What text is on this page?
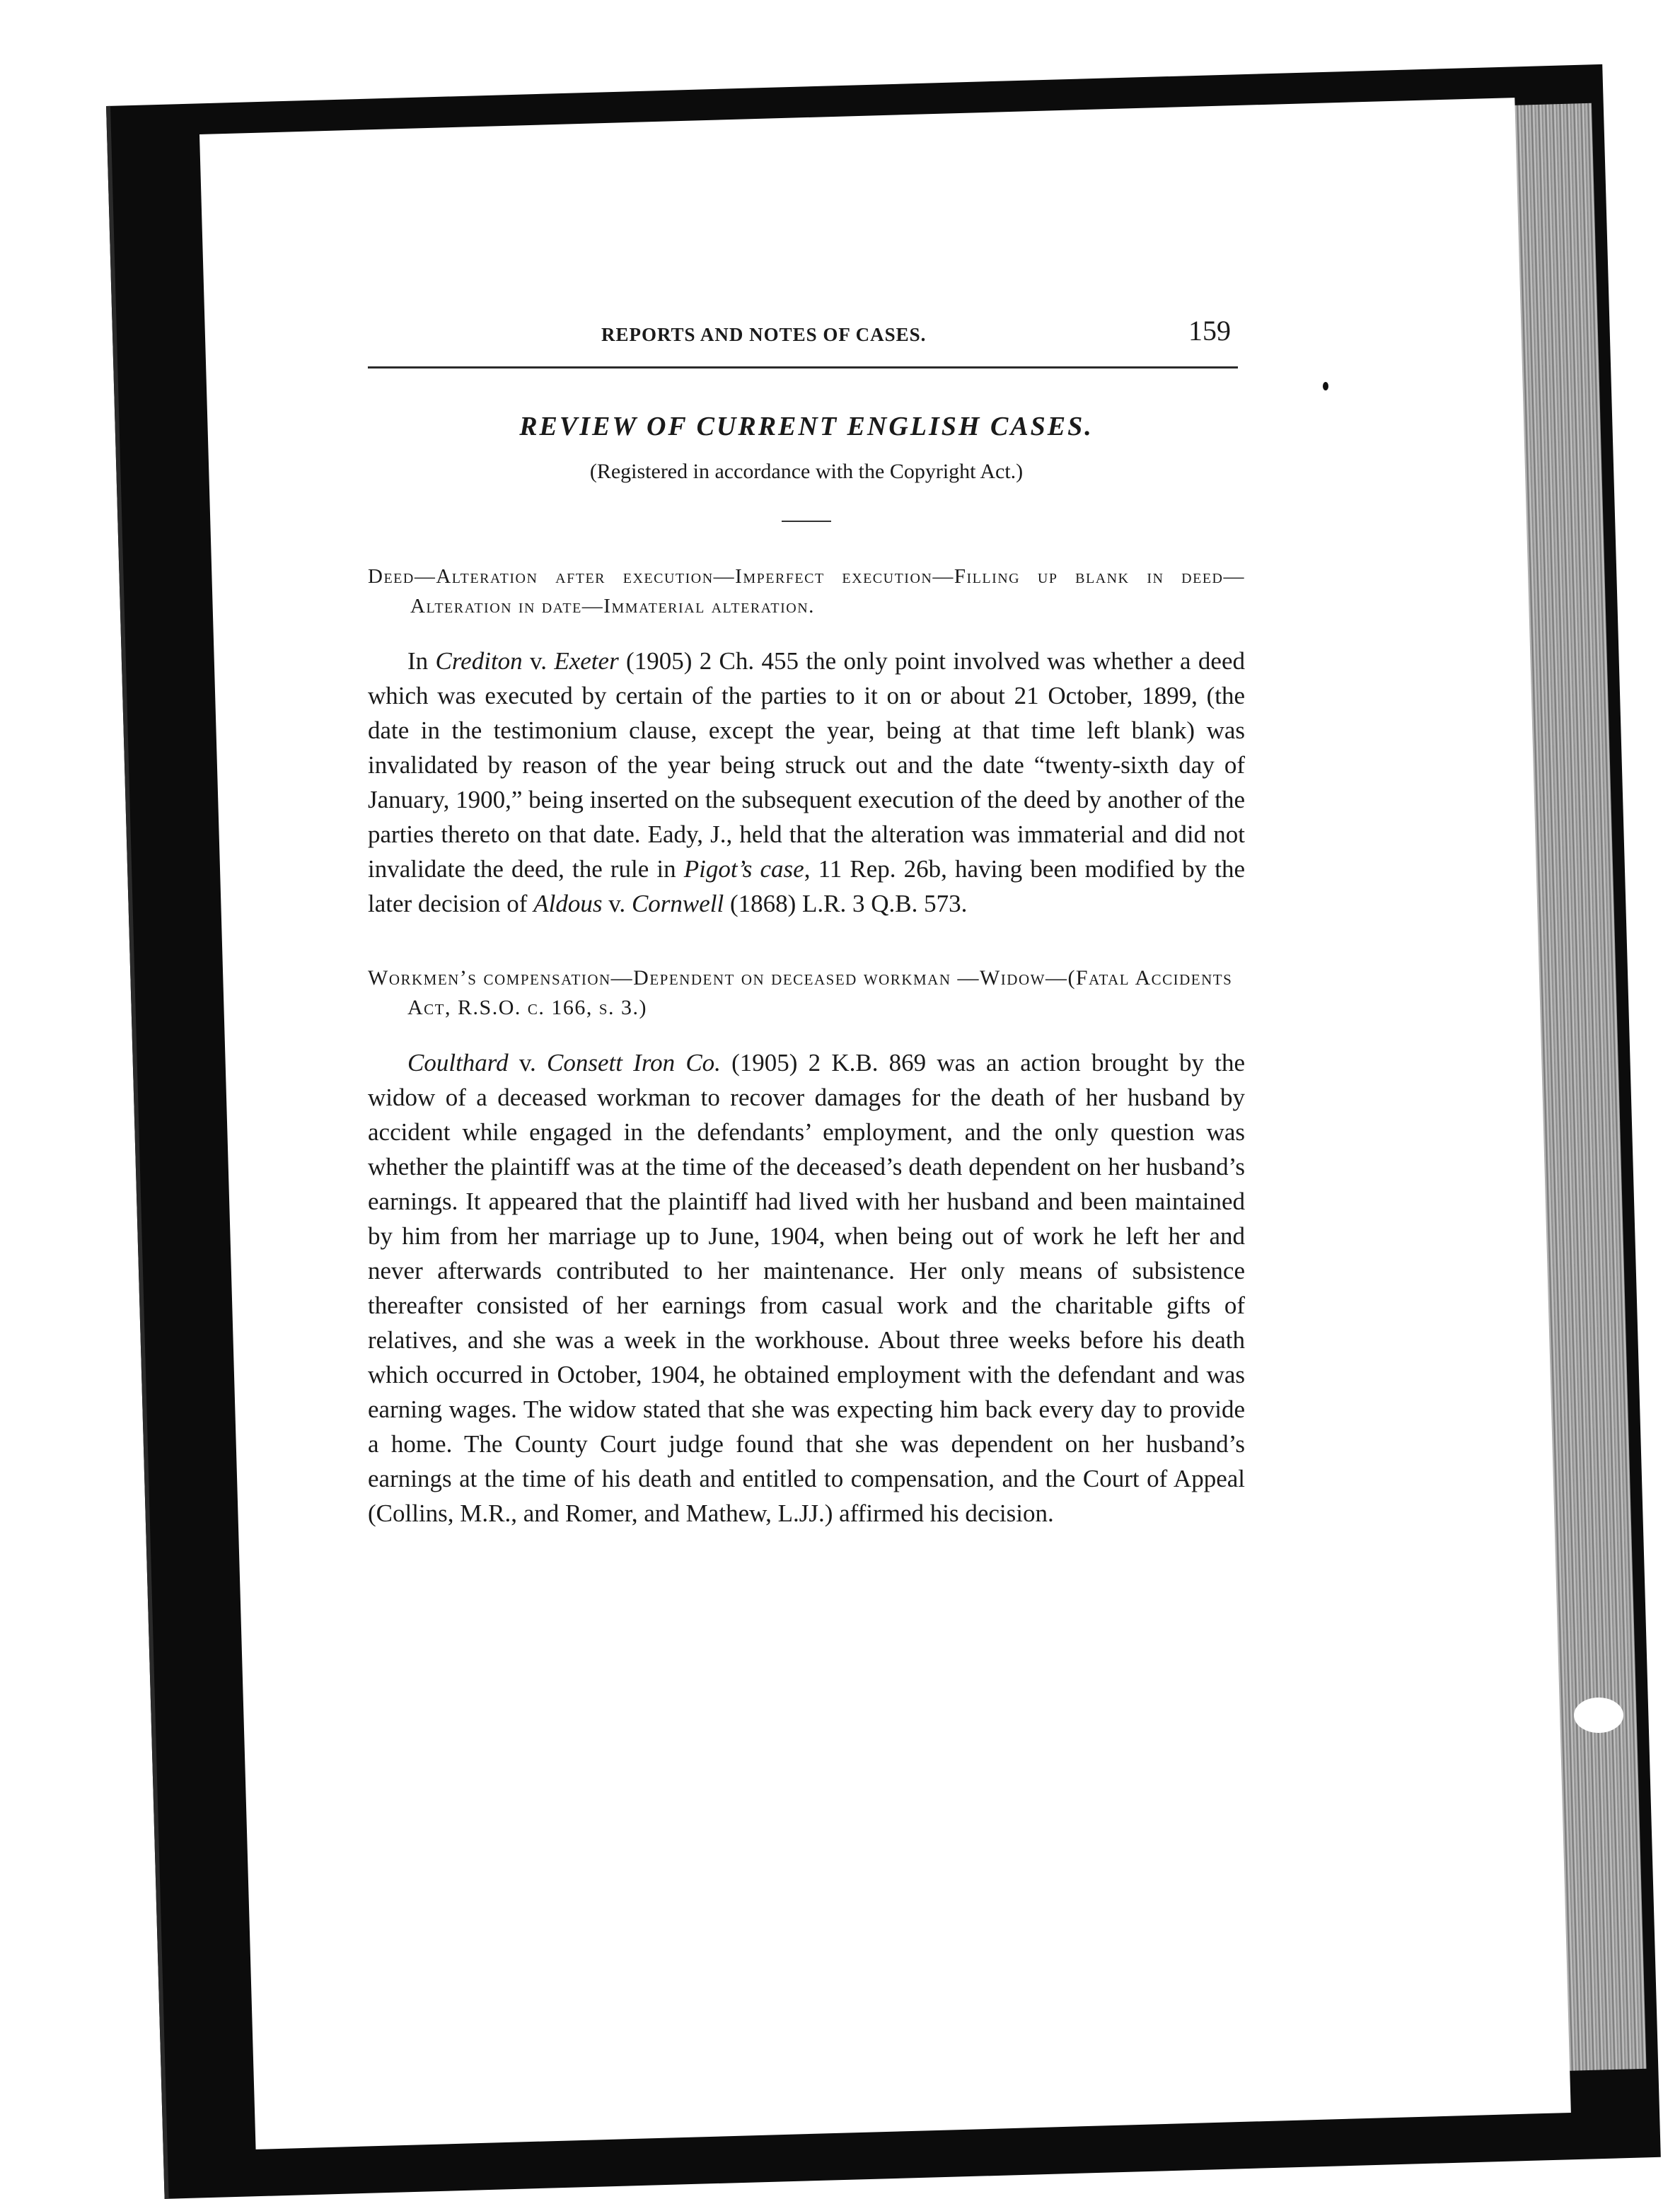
REPORTS AND NOTES OF CASES.	159
REVIEW OF CURRENT ENGLISH CASES.
(Registered in accordance with the Copyright Act.)
Deed—Alteration after execution—Imperfect execution—Filling up blank in deed—Alteration in date—Immaterial alteration.

In Crediton v. Exeter (1905) 2 Ch. 455 the only point involved was whether a deed which was executed by certain of the parties to it on or about 21 October, 1899, (the date in the testimonium clause, except the year, being at that time left blank) was invalidated by reason of the year being struck out and the date “twenty-sixth day of January, 1900,” being inserted on the subsequent execution of the deed by another of the parties thereto on that date. Eady, J., held that the alteration was immaterial and did not invalidate the deed, the rule in Pigot’s case, 11 Rep. 26b, having been modified by the later decision of Aldous v. Cornwell (1868) L.R. 3 Q.B. 573.

Workmen’s compensation—Dependent on deceased workman —Widow—(Fatal Accidents Act, R.S.O. c. 166, s. 3.)

Coulthard v. Consett Iron Co. (1905) 2 K.B. 869 was an action brought by the widow of a deceased workman to recover damages for the death of her husband by accident while engaged in the defendants’ employment, and the only question was whether the plaintiff was at the time of the deceased’s death dependent on her husband’s earnings. It appeared that the plaintiff had lived with her husband and been maintained by him from her marriage up to June, 1904, when being out of work he left her and never afterwards contributed to her maintenance. Her only means of subsistence thereafter consisted of her earnings from casual work and the charitable gifts of relatives, and she was a week in the workhouse. About three weeks before his death which occurred in October, 1904, he obtained employment with the defendant and was earning wages. The widow stated that she was expecting him back every day to provide a home. The County Court judge found that she was dependent on her husband’s earnings at the time of his death and entitled to compensation, and the Court of Appeal (Collins, M.R., and Romer, and Mathew, L.JJ.) affirmed his decision.
